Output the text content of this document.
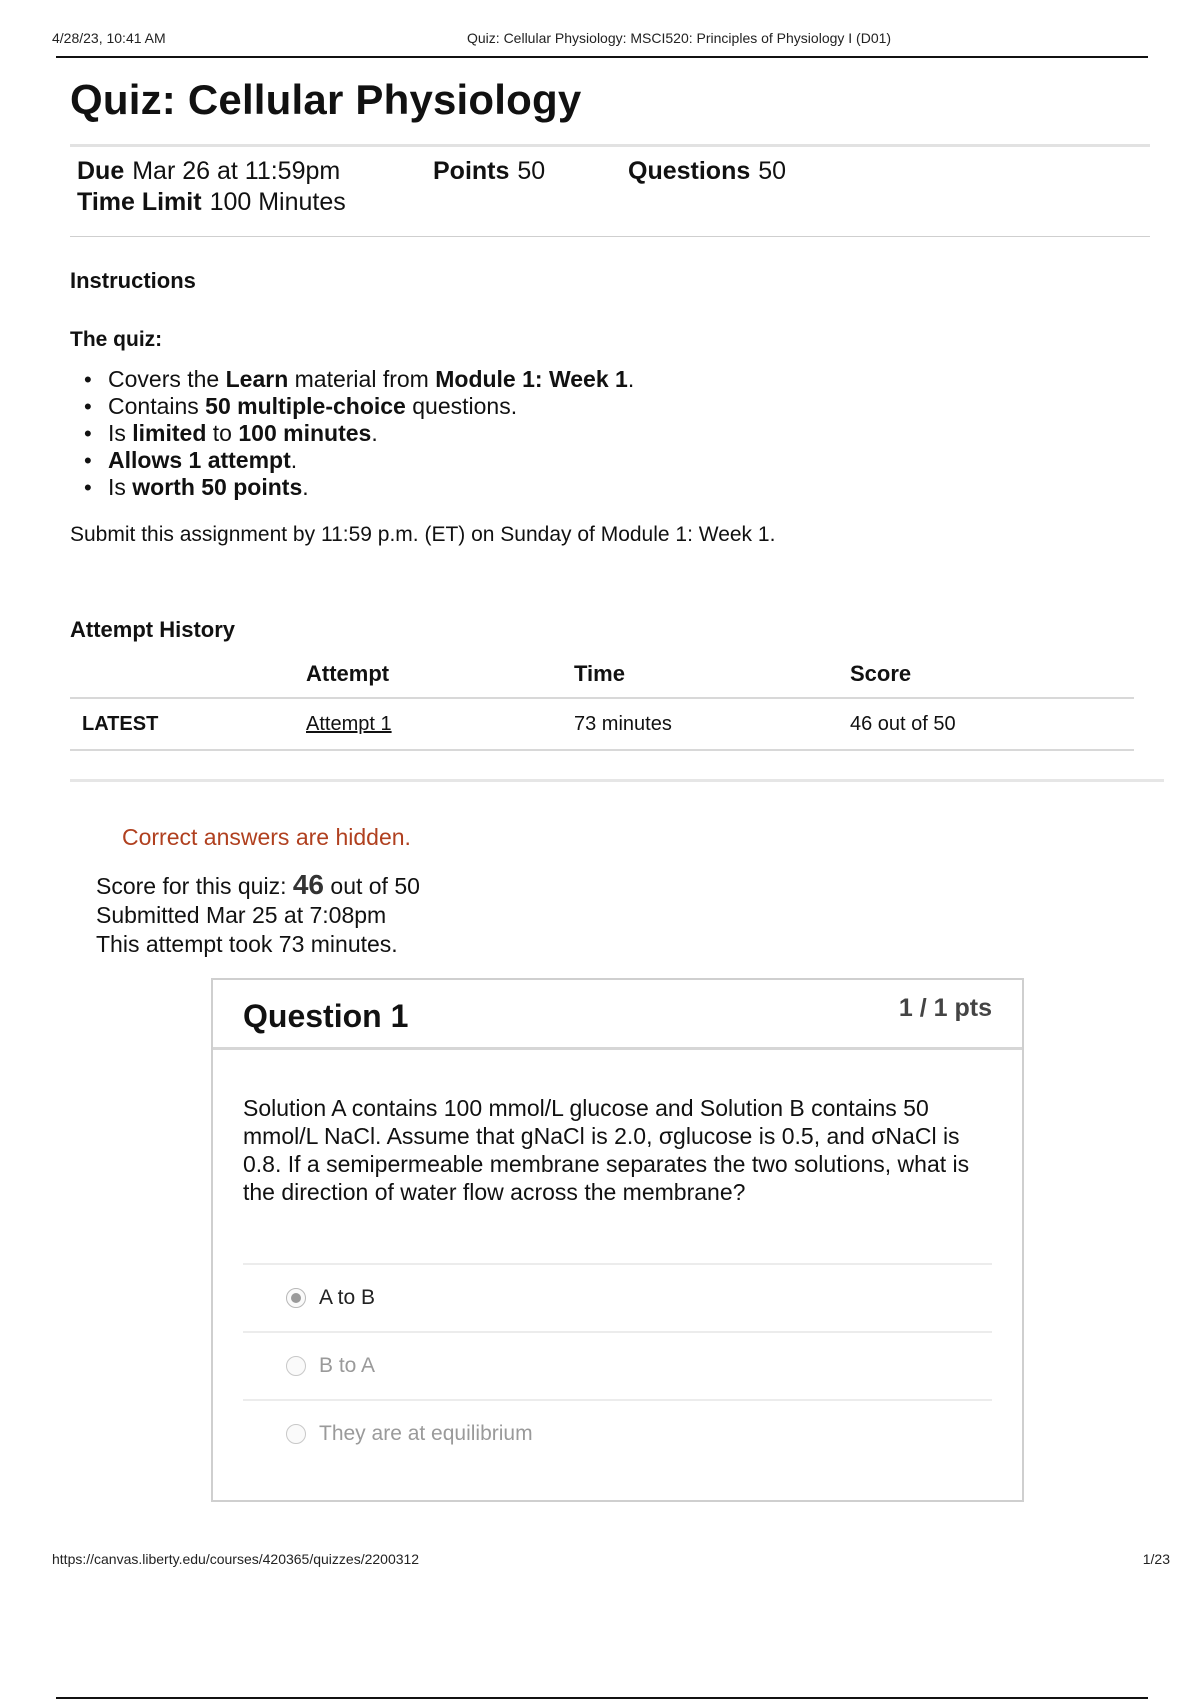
4/28/23, 10:41 AM	Quiz: Cellular Physiology: MSCI520: Principles of Physiology I (D01)
Quiz: Cellular Physiology
Due Mar 26 at 11:59pm	Points 50	Questions 50
Time Limit 100 Minutes
Instructions
The quiz:
• Covers the Learn material from Module 1: Week 1.
• Contains 50 multiple-choice questions.
• Is limited to 100 minutes.
• Allows 1 attempt.
• Is worth 50 points.

Submit this assignment by 11:59 p.m. (ET) on Sunday of Module 1: Week 1.

Attempt History
	Attempt	Time	Score
LATEST	Attempt 1	73 minutes	46 out of 50
Correct answers are hidden.
Score for this quiz: 46 out of 50
Submitted Mar 25 at 7:08pm
This attempt took 73 minutes.
Question 1	1 / 1 pts

Solution A contains 100 mmol/L glucose and Solution B contains 50 mmol/L NaCl. Assume that gNaCl is 2.0, σglucose is 0.5, and σNaCl is 0.8. If a semipermeable membrane separates the two solutions, what is the direction of water flow across the membrane?

A to B
B to A
They are at equilibrium
https://canvas.liberty.edu/courses/420365/quizzes/2200312	1/23
